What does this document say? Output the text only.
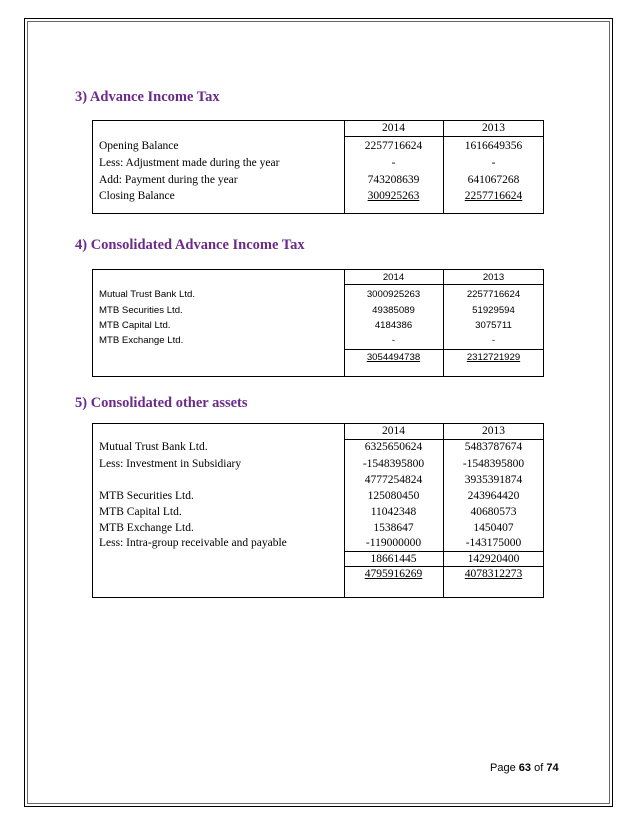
3) Advance Income Tax
2014	2013
Opening Balance	2257716624	1616649356
Less: Adjustment made during the year	-	-
Add: Payment during the year	743208639	641067268
Closing Balance	300925263	2257716624
4) Consolidated Advance Income Tax
2014	2013
Mutual Trust Bank Ltd.	3000925263	2257716624
MTB Securities Ltd.	49385089	51929594
MTB Capital Ltd.	4184386	3075711
MTB Exchange Ltd.	-	-
3054494738	2312721929
5) Consolidated other assets
2014	2013
Mutual Trust Bank Ltd.	6325650624	5483787674
Less: Investment in Subsidiary	-1548395800	-1548395800
4777254824	3935391874
MTB Securities Ltd.	125080450	243964420
MTB Capital Ltd.	11042348	40680573
MTB Exchange Ltd.	1538647	1450407
Less: Intra-group receivable and payable	-119000000	-143175000
18661445	142920400
4795916269	4078312273
Page 63 of 74
